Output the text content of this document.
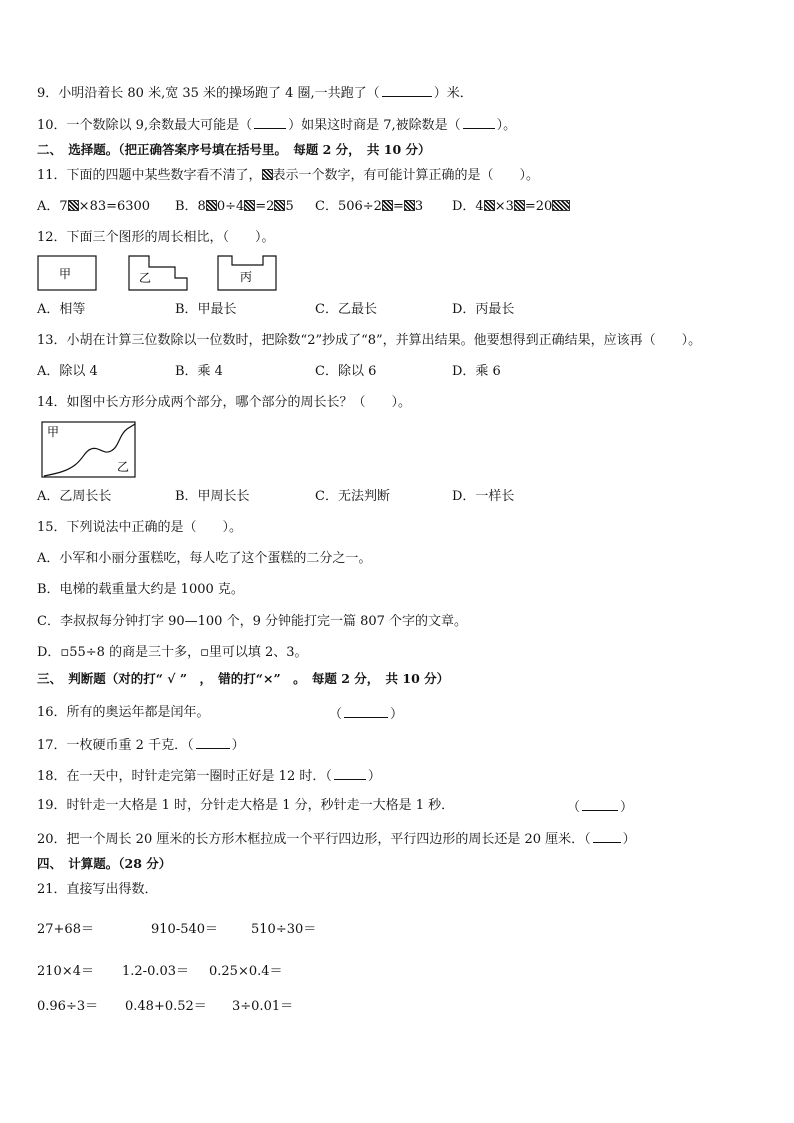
9．小明沿着长 80 米,宽 35 米的操场跑了 4 圈,一共跑了（	）米．
10．一个数除以 9,余数最大可能是（	）如果这时商是 7,被除数是（	）。
二、　选择题。（把正确答案序号填在括号里。　每题 2 分，　共 10 分）
11．下面的四题中某些数字看不清了， 表示一个数字，有可能计算正确的是（　　）。
A．7 ×83=6300 B．8 0÷4 =2 5 C．506÷2 = 3 D．4 ×3 =20
12．下面三个图形的周长相比，（　　）。
甲	乙	丙
A．相等	B．甲最长	C．乙最长	D．丙最长
13．小胡在计算三位数除以一位数时，把除数“2”抄成了“8”，并算出结果。他要想得到正确结果，应该再（　　）。
A．除以 4	B．乘 4	C．除以 6	D．乘 6
14．如图中长方形分成两个部分，哪个部分的周长长？（　　）。
甲
乙
A．乙周长长	B．甲周长长	C．无法判断	D．一样长
15．下列说法中正确的是（　　）。
A．小军和小丽分蛋糕吃，每人吃了这个蛋糕的二分之一。
B．电梯的载重量大约是 1000 克。
C．李叔叔每分钟打字 90—100 个，9 分钟能打完一篇 807 个字的文章。
D．▫55÷8 的商是三十多，▫里可以填 2、3。
三、　判断题（对的打“ √ ”　，　错的打“×”　。　每题 2 分，　共 10 分）
16．所有的奥运年都是闰年。	（	）
17．一枚硬币重 2 千克．（	）
18．在一天中，时针走完第一圈时正好是 12 时．（	）
19．时针走一大格是 1 时，分针走大格是 1 分，秒针走一大格是 1 秒．	（	）
20．把一个周长 20 厘米的长方形木框拉成一个平行四边形，平行四边形的周长还是 20 厘米．（ ）
四、　计算题。（28 分）
21．直接写出得数．
27+68＝	910-540＝	510÷30＝
210×4＝ 1.2-0.03＝ 0.25×0.4＝
0.96÷3＝ 0.48+0.52＝ 3÷0.01＝
